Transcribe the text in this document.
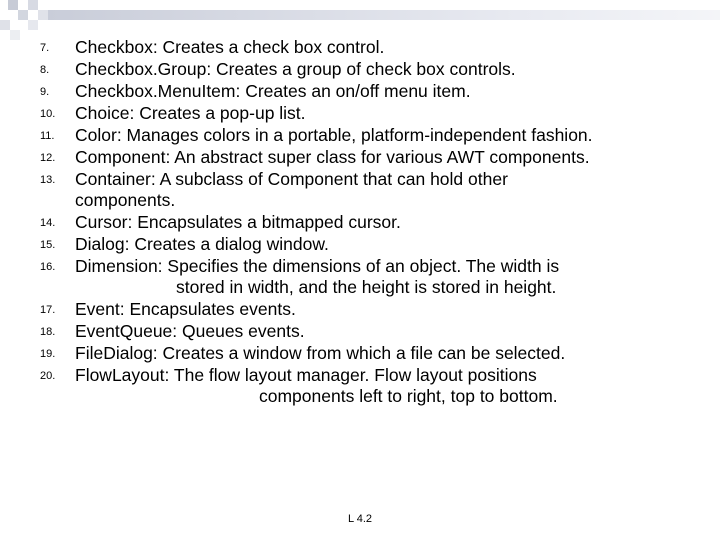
7.	Checkbox: Creates a check box control.
8.	Checkbox.Group: Creates a group of check box controls.
9.	Checkbox.MenuItem: Creates an on/off menu item.
10.	Choice: Creates a pop-up list.
11.	Color: Manages colors in a portable, platform-independent fashion.
12.	Component: An abstract super class for various AWT components.
13.	Container: A subclass of Component that can hold other
components.
14.	Cursor: Encapsulates a bitmapped cursor.
15.	Dialog: Creates a dialog window.
16.	Dimension: Specifies the dimensions of an object. The width is
stored in width, and the height is stored in height.
17.	Event: Encapsulates events.
18.	EventQueue: Queues events.
19.	FileDialog: Creates a window from which a file can be selected.
20.	FlowLayout: The flow layout manager. Flow layout positions
components left to right, top to bottom.
L 4.2
